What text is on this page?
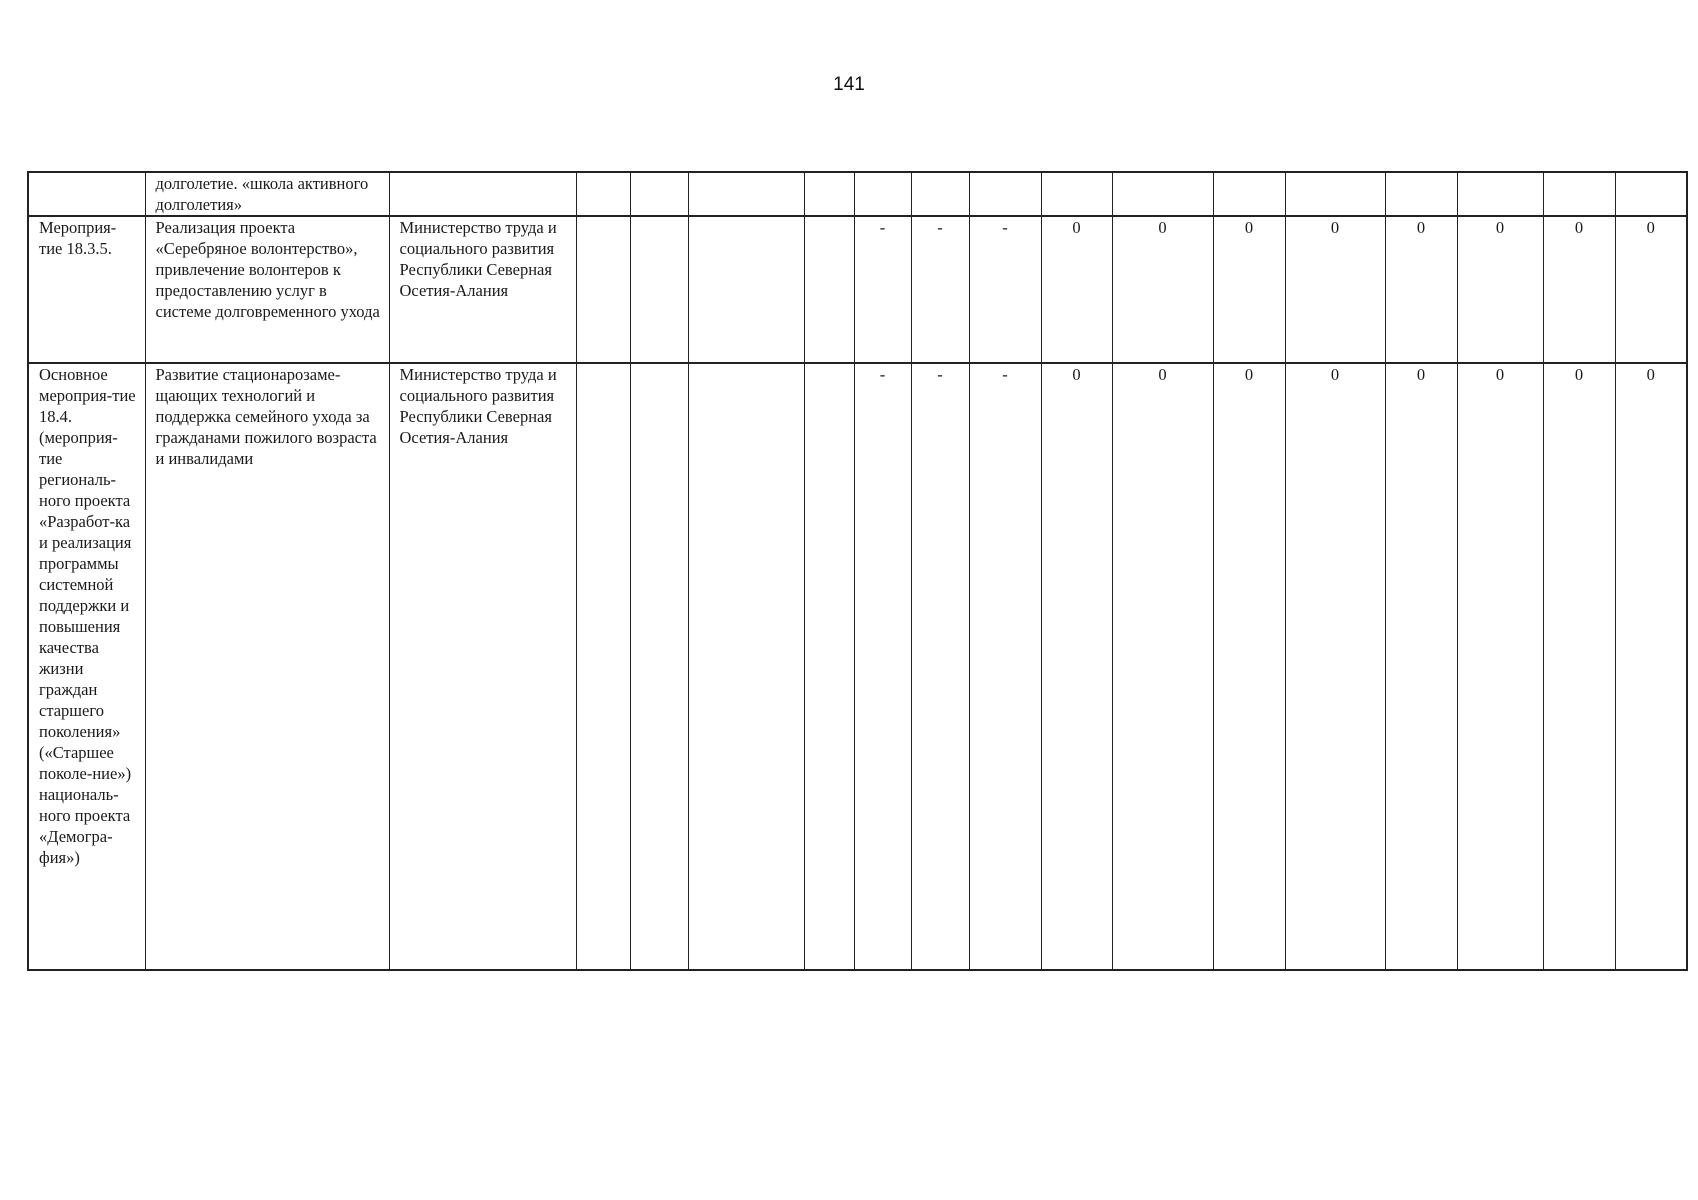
141
	долголетие. «школа активного долголетия»																
Мероприя-тие 18.3.5.	Реализация проекта «Серебряное волонтерство», привлечение волонтеров к предоставлению услуг в системе долговременного ухода	Министерство труда и социального развития Республики Северная Осетия-Алания					-	-	-	0	0	0	0	0	0	0	0
Основное мероприя-тие 18.4. (мероприя-тие региональ-ного проекта «Разработ-ка и реализация программы системной поддержки и повышения качества жизни граждан старшего поколения» («Старшее поколе-ние») националь-ного проекта «Демогра-фия»)	Развитие стационарозаме-щающих технологий и поддержка семейного ухода за гражданами пожилого возраста и инвалидами	Министерство труда и социального развития Республики Северная Осетия-Алания					-	-	-	0	0	0	0	0	0	0	0
